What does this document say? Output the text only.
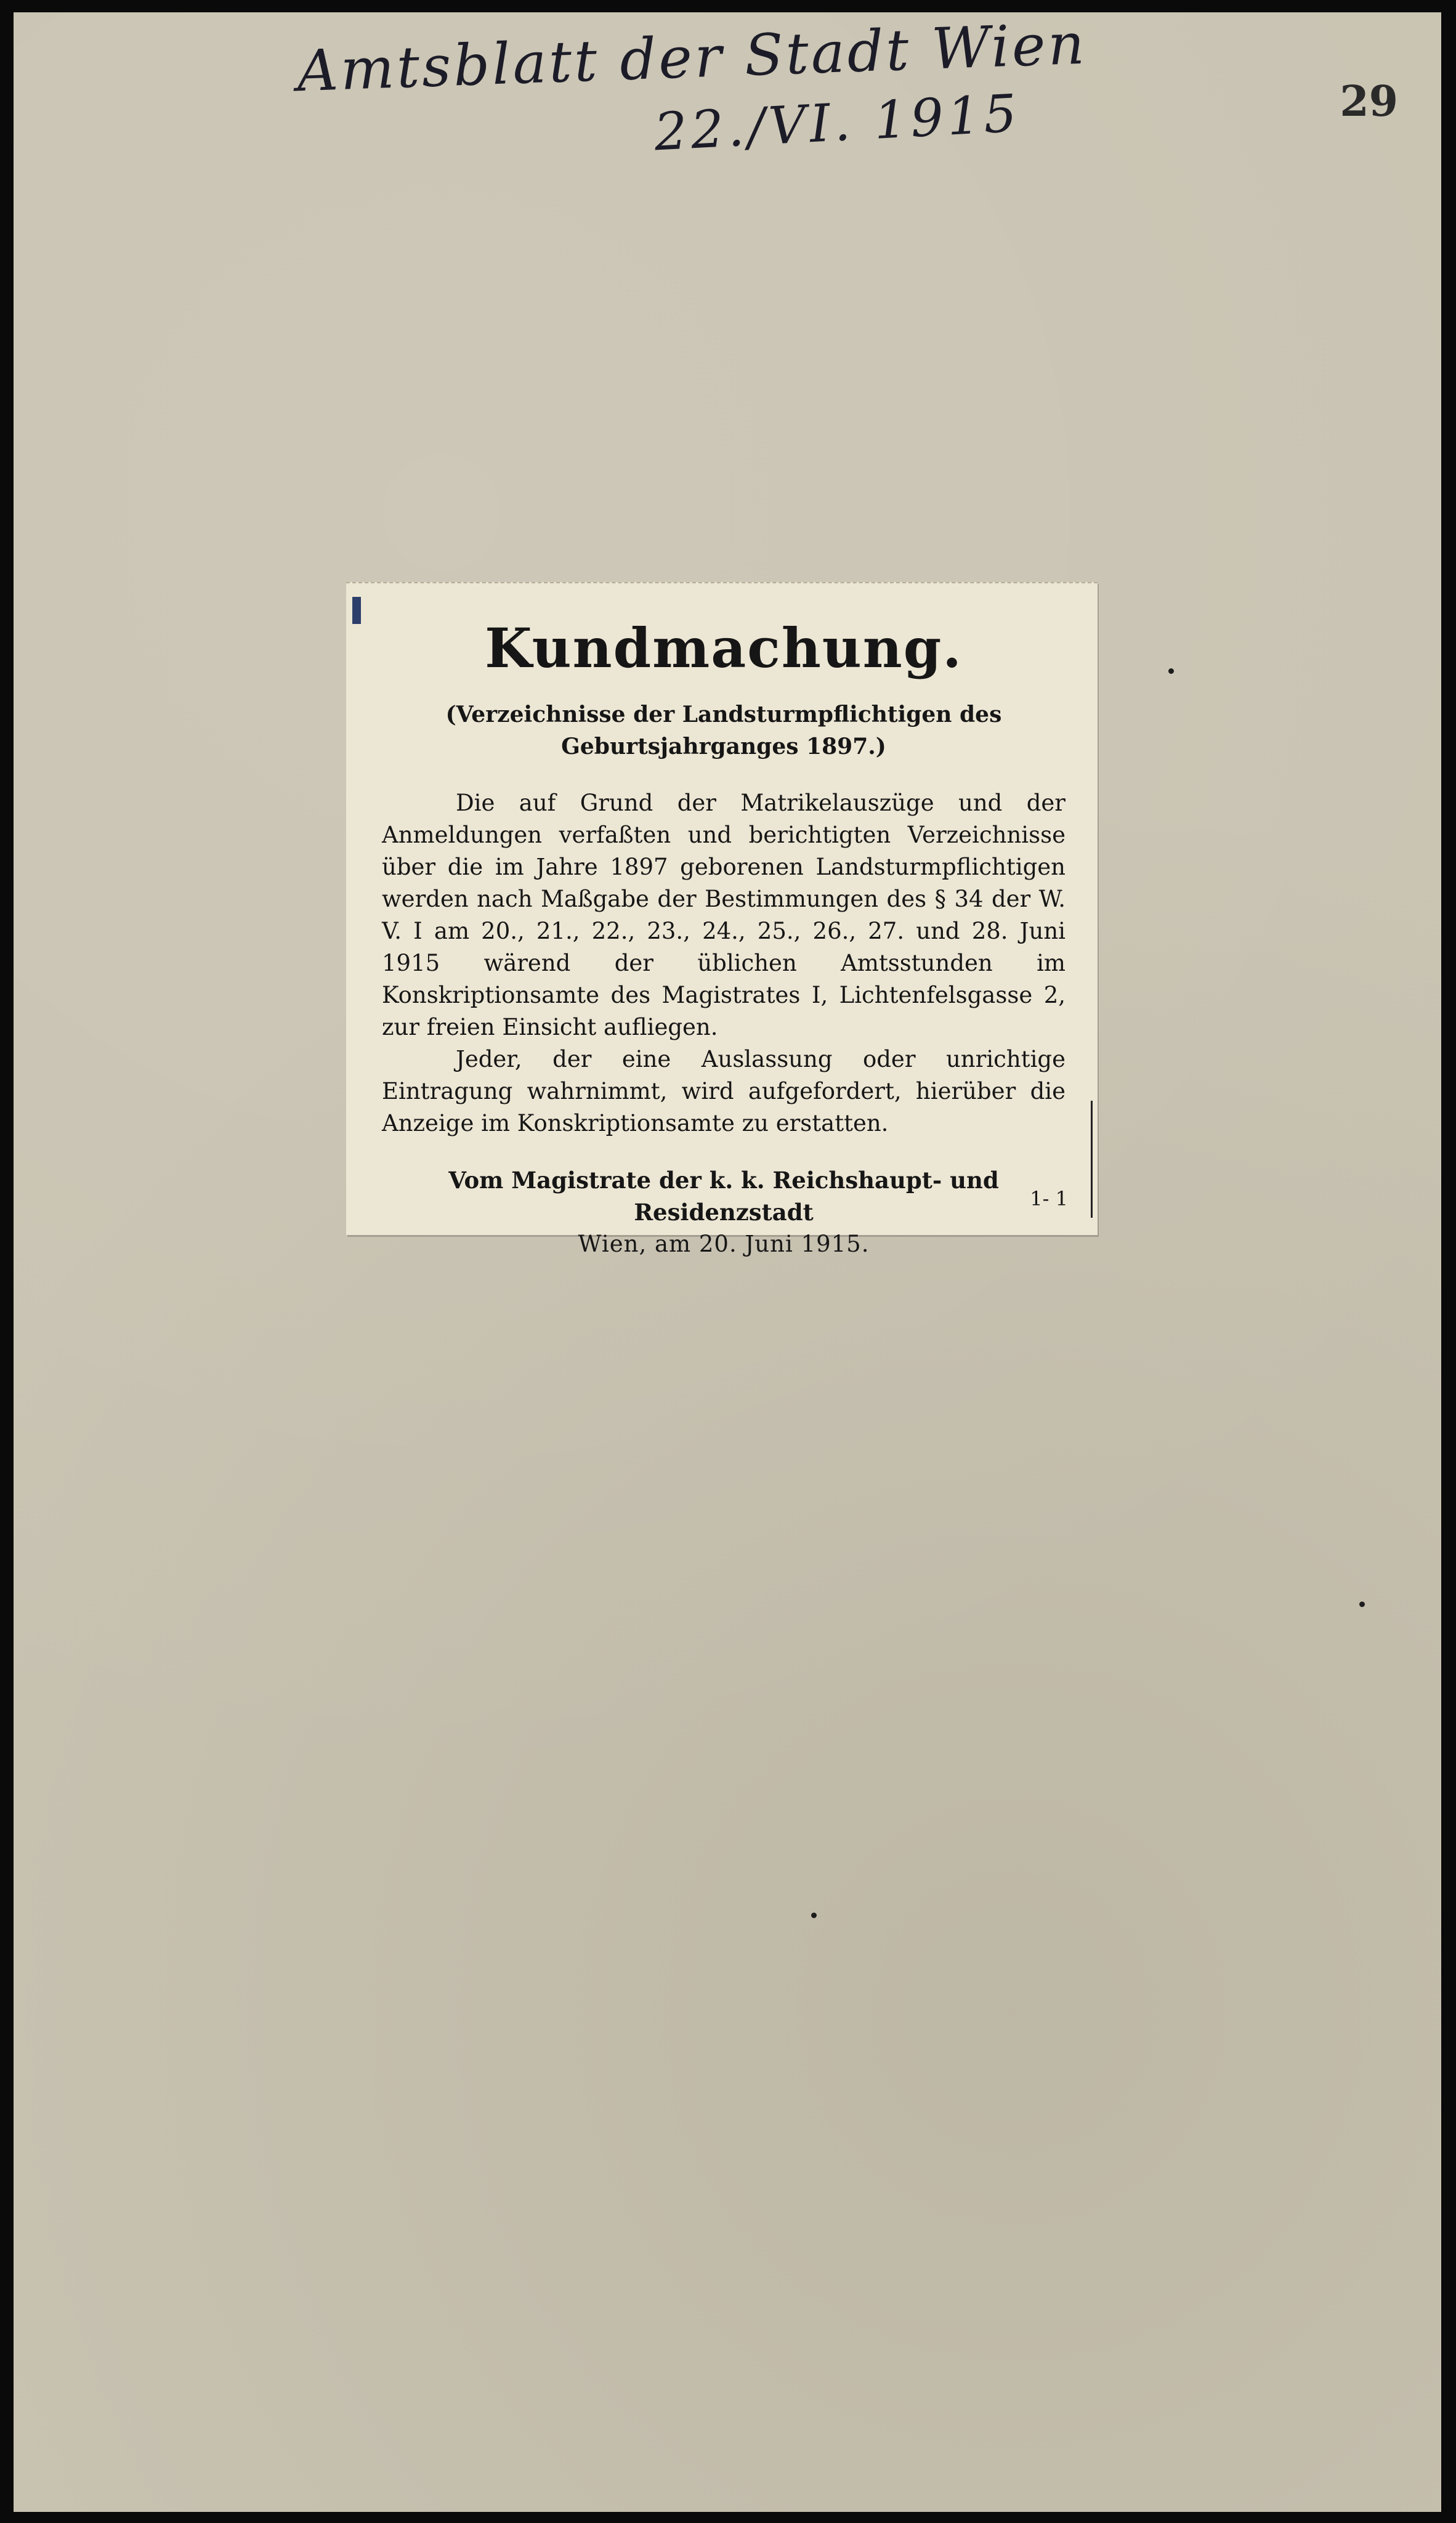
Amtsblatt der Stadt Wien
22./VI. 1915	29
Kundmachung.
(Verzeichnisse der Landsturmpflichtigen des Geburtsjahrganges 1897.)
Die auf Grund der Matrikelauszüge und der Anmeldungen verfaßten und berichtigten Verzeichnisse über die im Jahre 1897 geborenen Landsturmpflichtigen werden nach Maßgabe der Bestimmungen des § 34 der W. V. I am 20., 21., 22., 23., 24., 25., 26., 27. und 28. Juni 1915 wärend der üblichen Amtsstunden im Konskriptionsamte des Magistrates I, Lichtenfelsgasse 2, zur freien Einsicht aufliegen.
Jeder, der eine Auslassung oder unrichtige Eintragung wahrnimmt, wird aufgefordert, hierüber die Anzeige im Konskriptionsamte zu erstatten.
Vom Magistrate der k. k. Reichshaupt- und Residenzstadt
Wien, am 20. Juni 1915.
1- 1
